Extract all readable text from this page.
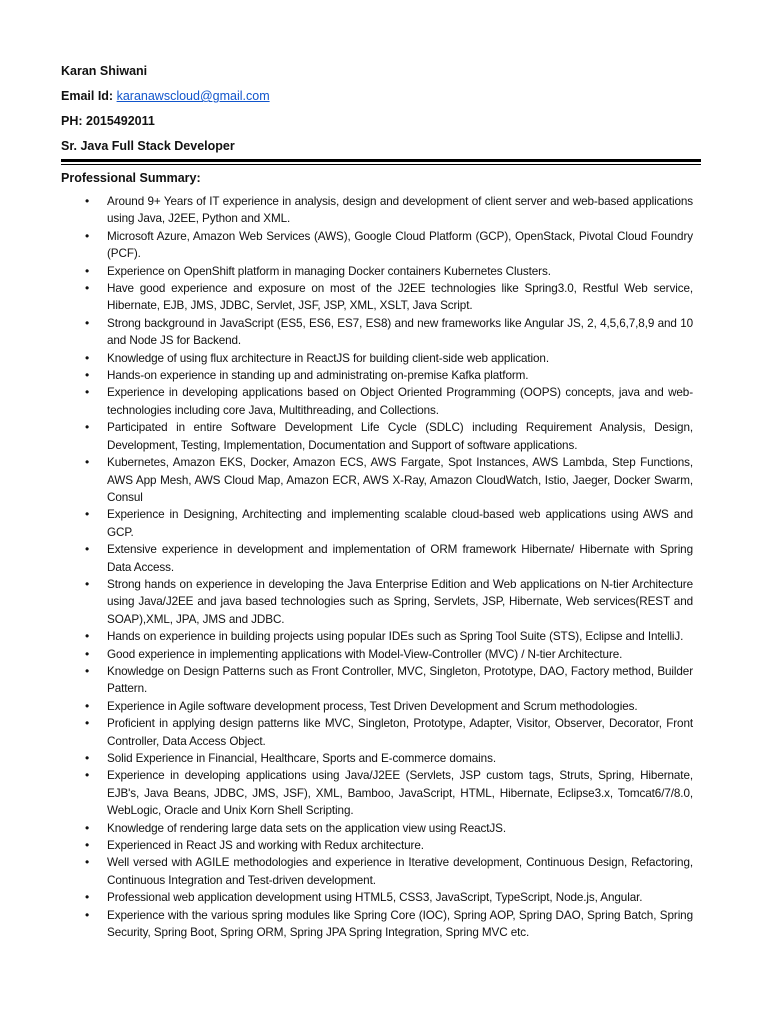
Karan Shiwani
Email Id: karanawscloud@gmail.com
PH: 2015492011
Sr. Java Full Stack Developer
Professional Summary:
• Around 9+ Years of IT experience in analysis, design and development of client server and web-based applications using Java, J2EE, Python and XML.
• Microsoft Azure, Amazon Web Services (AWS), Google Cloud Platform (GCP), OpenStack, Pivotal Cloud Foundry (PCF).
• Experience on OpenShift platform in managing Docker containers Kubernetes Clusters.
• Have good experience and exposure on most of the J2EE technologies like Spring3.0, Restful Web service, Hibernate, EJB, JMS, JDBC, Servlet, JSF, JSP, XML, XSLT, Java Script.
• Strong background in JavaScript (ES5, ES6, ES7, ES8) and new frameworks like Angular JS, 2, 4,5,6,7,8,9 and 10 and Node JS for Backend.
• Knowledge of using flux architecture in ReactJS for building client-side web application.
• Hands-on experience in standing up and administrating on-premise Kafka platform.
• Experience in developing applications based on Object Oriented Programming (OOPS) concepts, java and web-technologies including core Java, Multithreading, and Collections.
• Participated in entire Software Development Life Cycle (SDLC) including Requirement Analysis, Design, Development, Testing, Implementation, Documentation and Support of software applications.
• Kubernetes, Amazon EKS, Docker, Amazon ECS, AWS Fargate, Spot Instances, AWS Lambda, Step Functions, AWS App Mesh, AWS Cloud Map, Amazon ECR, AWS X-Ray, Amazon CloudWatch, Istio, Jaeger, Docker Swarm, Consul
• Experience in Designing, Architecting and implementing scalable cloud-based web applications using AWS and GCP.
• Extensive experience in development and implementation of ORM framework Hibernate/ Hibernate with Spring Data Access.
• Strong hands on experience in developing the Java Enterprise Edition and Web applications on N-tier Architecture using Java/J2EE and java based technologies such as Spring, Servlets, JSP, Hibernate, Web services(REST and SOAP),XML, JPA, JMS and JDBC.
• Hands on experience in building projects using popular IDEs such as Spring Tool Suite (STS), Eclipse and IntelliJ.
• Good experience in implementing applications with Model-View-Controller (MVC) / N-tier Architecture.
• Knowledge on Design Patterns such as Front Controller, MVC, Singleton, Prototype, DAO, Factory method, Builder Pattern.
• Experience in Agile software development process, Test Driven Development and Scrum methodologies.
• Proficient in applying design patterns like MVC, Singleton, Prototype, Adapter, Visitor, Observer, Decorator, Front Controller, Data Access Object.
• Solid Experience in Financial, Healthcare, Sports and E-commerce domains.
• Experience in developing applications using Java/J2EE (Servlets, JSP custom tags, Struts, Spring, Hibernate, EJB's, Java Beans, JDBC, JMS, JSF), XML, Bamboo, JavaScript, HTML, Hibernate, Eclipse3.x, Tomcat6/7/8.0, WebLogic, Oracle and Unix Korn Shell Scripting.
• Knowledge of rendering large data sets on the application view using ReactJS.
• Experienced in React JS and working with Redux architecture.
• Well versed with AGILE methodologies and experience in Iterative development, Continuous Design, Refactoring, Continuous Integration and Test-driven development.
• Professional web application development using HTML5, CSS3, JavaScript, TypeScript, Node.js, Angular.
• Experience with the various spring modules like Spring Core (IOC), Spring AOP, Spring DAO, Spring Batch, Spring Security, Spring Boot, Spring ORM, Spring JPA Spring Integration, Spring MVC etc.
